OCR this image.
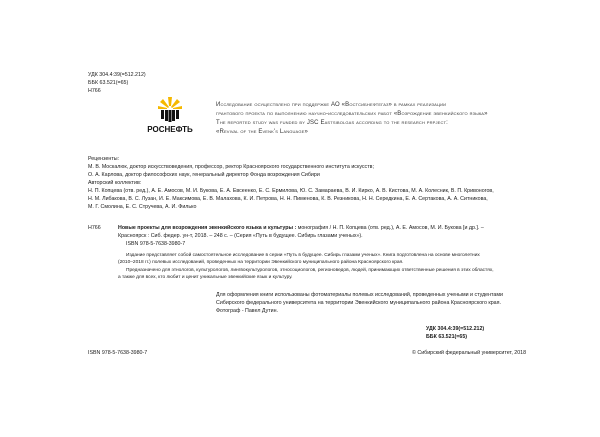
УДК 304.4:39(=512.212)
ББК 63.521(=65)
Н766
РОСНЕФТЬ
Исследование осуществлено при поддержке АО «Востсибнефтегаз» в рамках реализации
грантового проекта по выполнению научно-исследовательских работ «Возрождение эвенкийского языка»
The reported study was funded by JSC Eastsibolgas according to the research prpject:
«Revival of the Evenk's Language»
Рецензенты:
М. В. Москалюк, доктор искусствоведения, профессор, ректор Красноярского государственного института искусств;
О. А. Карлова, доктор философских наук, генеральный директор Фонда возрождения Сибири
Авторский коллектив:
Н. П. Копцева (отв. ред.), А. Е. Амосов, М. И. Букова, Е. А. Евсеенко, Е. С. Ермилова, Ю. С. Замараева, В. И. Кирко, А. В. Кистова, М. А. Колесник, В. П. Кривоногов,
Н. М. Либакова, В. С. Лузан, И. Е. Максимова, Е. В. Малахова, К. И. Петрова, Н. Н. Пименова, К. В. Резникова, Н. Н. Середкина, Е. А. Сертакова, А. А. Ситникова,
М. Г. Смолина, Е. С. Стручева, А. И. Филько
Н766	Новые проекты для возрождения эвенкийского языка и культуры : монография / Н. П. Копцева (отв. ред.), А. Е. Амосов, М. И. Букова [и др.]. –
Красноярск : Сиб. федер. ун-т, 2018. – 248 с. – (Серия «Путь в будущее. Сибирь глазами ученых»).
ISBN 978-5-7638-3980-7
Издание представляет собой самостоятельное исследование в серии «Путь в будущее. Сибирь глазами ученых». Книга подготовлена на основе многолетних
(2010–2018 гг.) полевых исследований, проведенных на территории Эвенкийского муниципального района Красноярского края.
Предназначено для этнологов, культурологов, лингвокультурологов, этносоциологов, регионоведов, людей, принимающих ответственные решения в этих областях,
а также для всех, кто любит и ценит уникальные эвенкийские язык и культуру.
Для оформления книги использованы фотоматериалы полевых исследований, проведенных учеными и студентами
Сибирского федерального университета на территории Эвенкийского муниципального района Красноярского края.
Фотограф - Павел Дутин.
УДК 304.4:39(=512.212)
ББК 63.521(=65)
ISBN 978-5-7638-3980-7	© Сибирский федеральный университет, 2018
